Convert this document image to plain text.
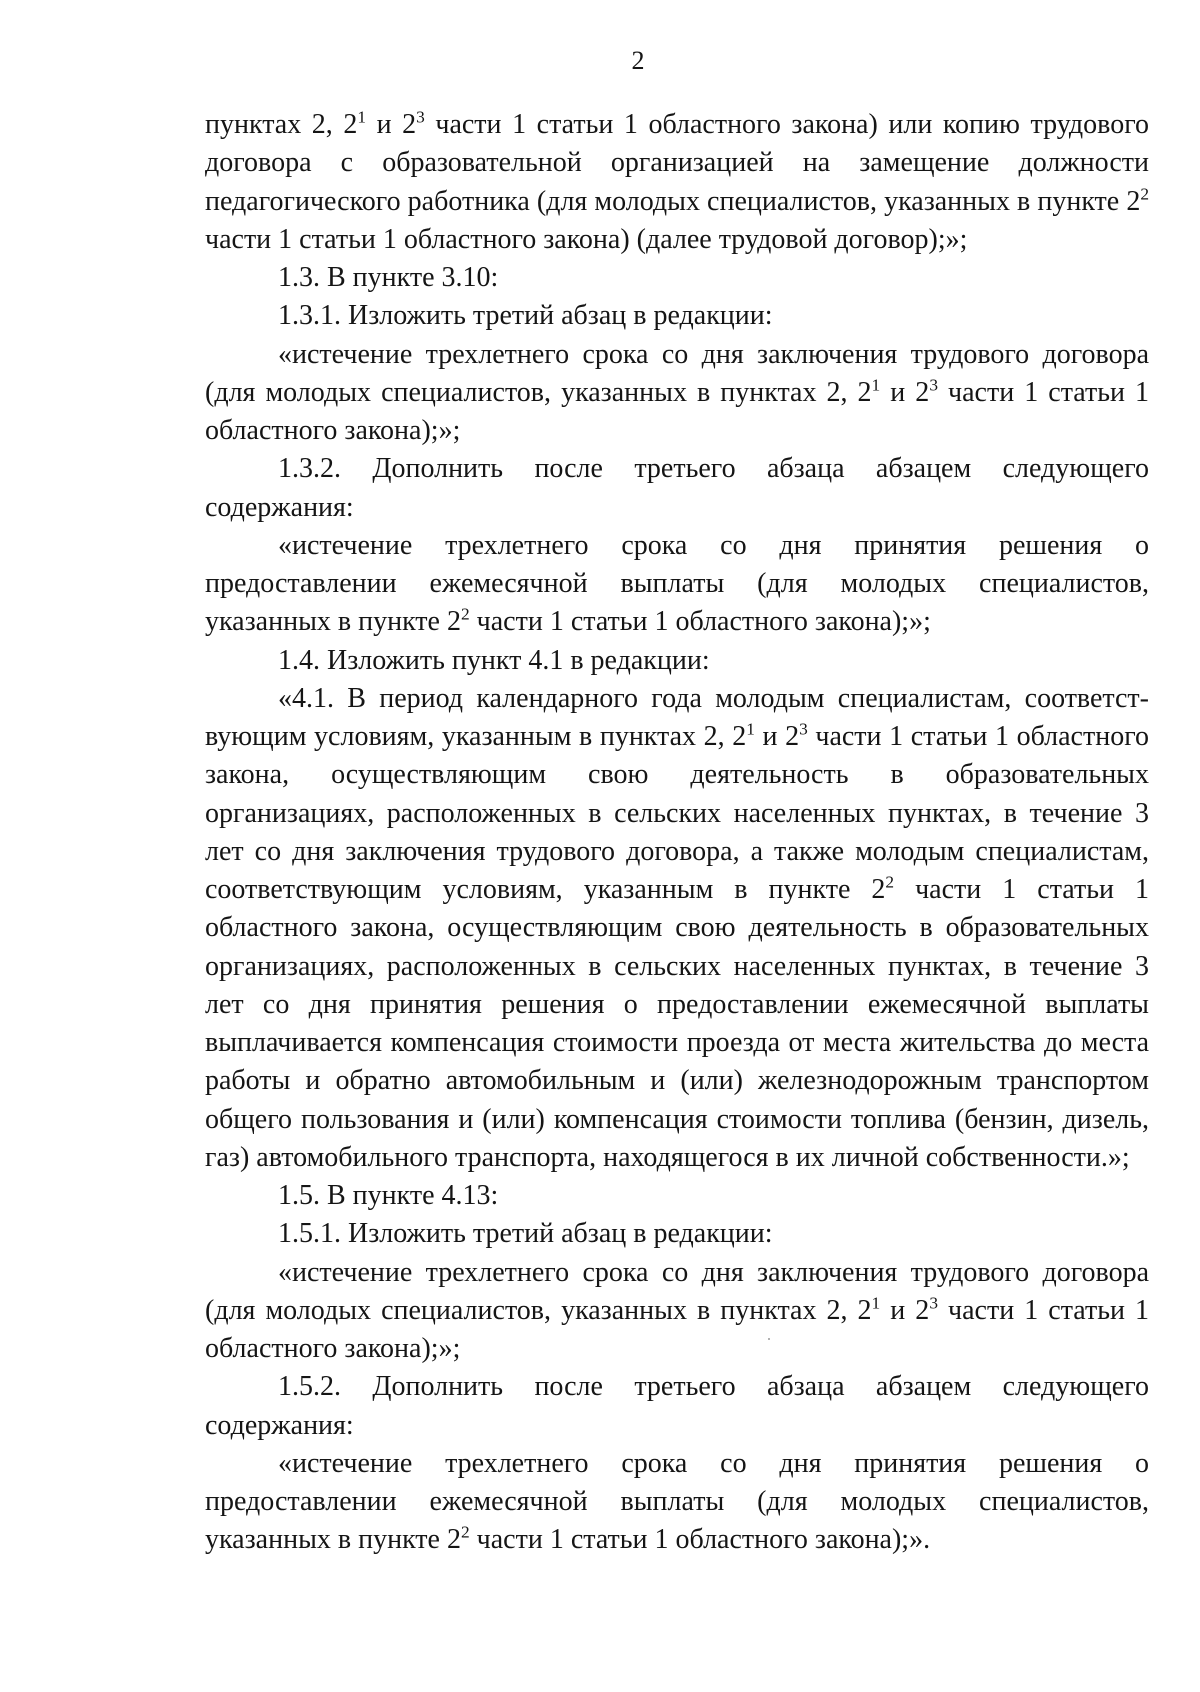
2

пунктах 2, $2^1$ и $2^3$ части 1 статьи 1 областного закона) или копию трудового договора с образовательной организацией на замещение должности педагогического работника (для молодых специалистов, указанных в пункте $2^2$ части 1 статьи 1 областного закона) (далее трудовой договор);»;

1.3. В пункте 3.10:

1.3.1. Изложить третий абзац в редакции:

«истечение трехлетнего срока со дня заключения трудового договора (для молодых специалистов, указанных в пунктах 2, $2^1$ и $2^3$ части 1 статьи 1 областного закона);»;

1.3.2. Дополнить после третьего абзаца абзацем следующего содержания:

«истечение трехлетнего срока со дня принятия решения о предоставлении ежемесячной выплаты (для молодых специалистов, указанных в пункте $2^2$ части 1 статьи 1 областного закона);»;

1.4. Изложить пункт 4.1 в редакции:

«4.1. В период календарного года молодым специалистам, соответствующим условиям, указанным в пунктах 2, $2^1$ и $2^3$ части 1 статьи 1 областного закона, осуществляющим свою деятельность в образовательных организациях, расположенных в сельских населенных пунктах, в течение 3 лет со дня заключения трудового договора, а также молодым специалистам, соответствующим условиям, указанным в пункте $2^2$ части 1 статьи 1 областного закона, осуществляющим свою деятельность в образовательных организациях, расположенных в сельских населенных пунктах, в течение 3 лет со дня принятия решения о предоставлении ежемесячной выплаты выплачивается компенсация стоимости проезда от места жительства до места работы и обратно автомобильным и (или) железнодорожным транспортом общего пользования и (или) компенсация стоимости топлива (бензин, дизель, газ) автомобильного транспорта, находящегося в их личной собственности.»;

1.5. В пункте 4.13:

1.5.1. Изложить третий абзац в редакции:

«истечение трехлетнего срока со дня заключения трудового договора (для молодых специалистов, указанных в пунктах 2, $2^1$ и $2^3$ части 1 статьи 1 областного закона);»;

1.5.2. Дополнить после третьего абзаца абзацем следующего содержания:

«истечение трехлетнего срока со дня принятия решения о предоставлении ежемесячной выплаты (для молодых специалистов, указанных в пункте $2^2$ части 1 статьи 1 областного закона);».
